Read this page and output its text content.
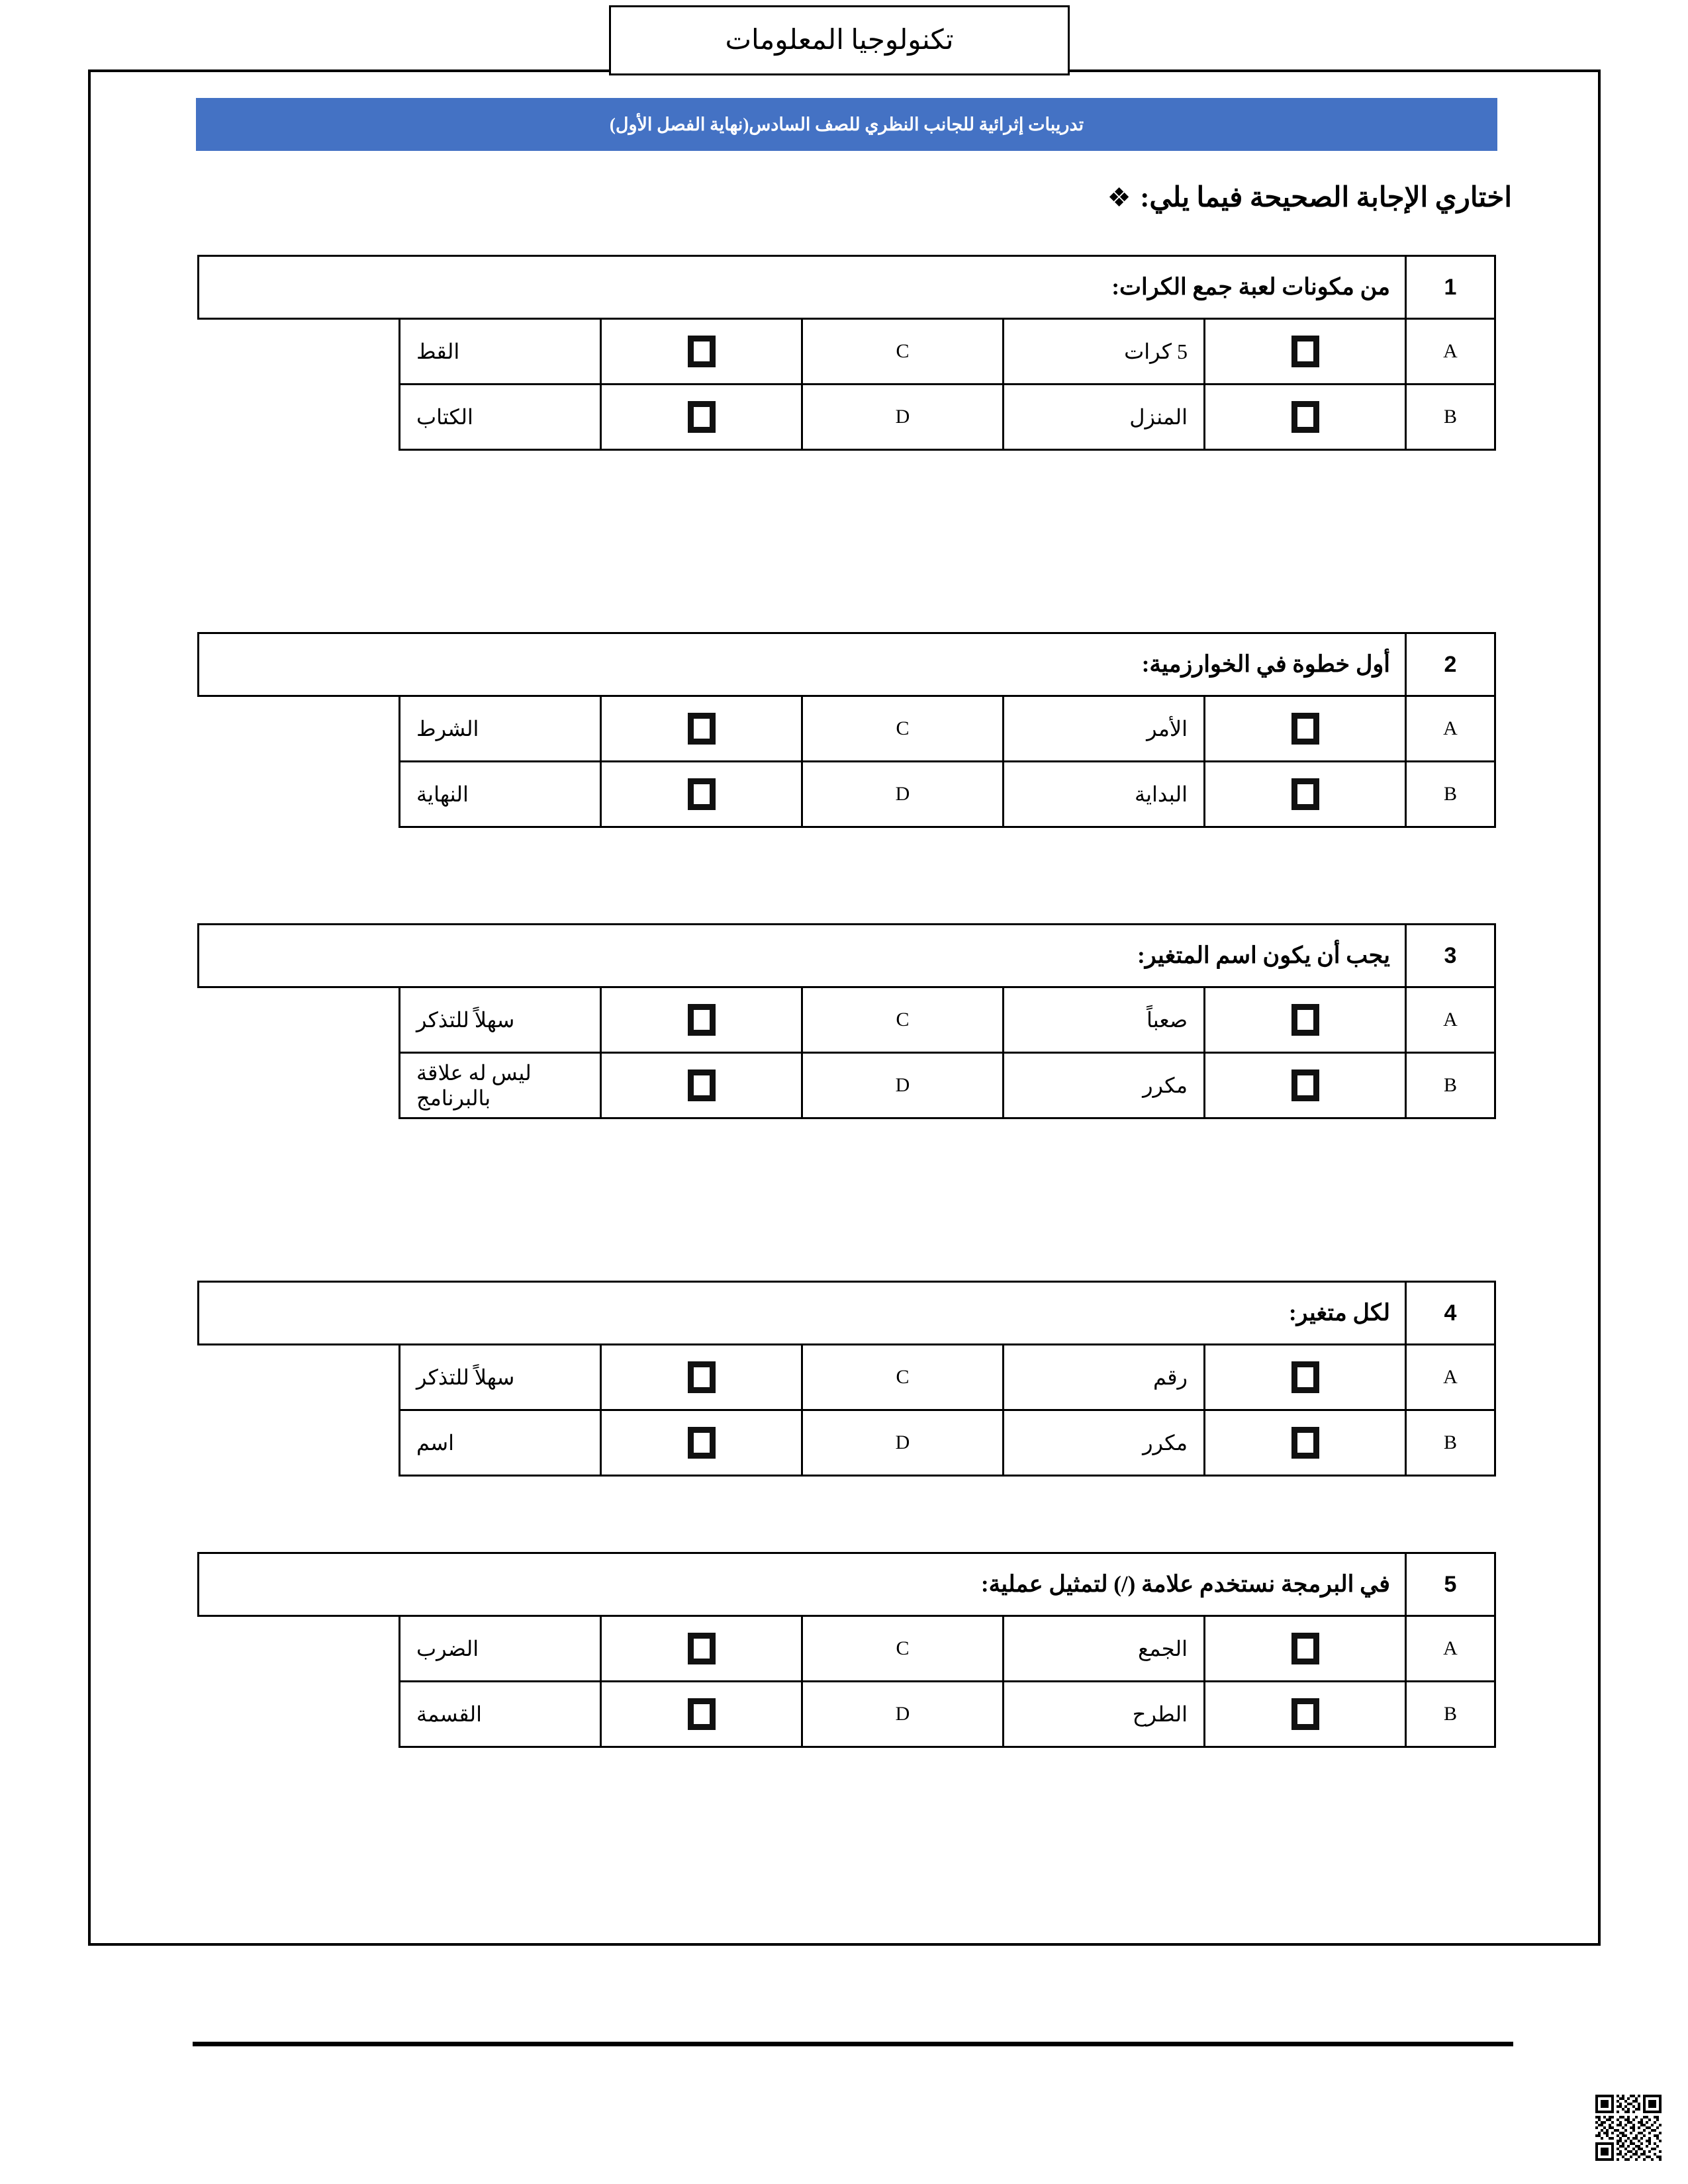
تكنولوجيا المعلومات
تدريبات إثرائية للجانب النظري للصف السادس(نهاية الفصل الأول)
اختاري الإجابة الصحيحة فيما يلي:
❖
1	من مكونات لعبة جمع الكرات:				
A		5 كرات	C		القط
B		المنزل	D		الكتاب
2	أول خطوة في الخوارزمية:				
A		الأمر	C		الشرط
B		البداية	D		النهاية
3	يجب أن يكون اسم المتغير:				
A		صعباً	C		سهلاً للتذكر
B		مكرر	D		ليس له علاقة بالبرنامج
4	لكل متغير:				
A		رقم	C		سهلاً للتذكر
B		مكرر	D		اسم
5	في البرمجة نستخدم علامة (/) لتمثيل عملية:				
A		الجمع	C		الضرب
B		الطرح	D		القسمة
